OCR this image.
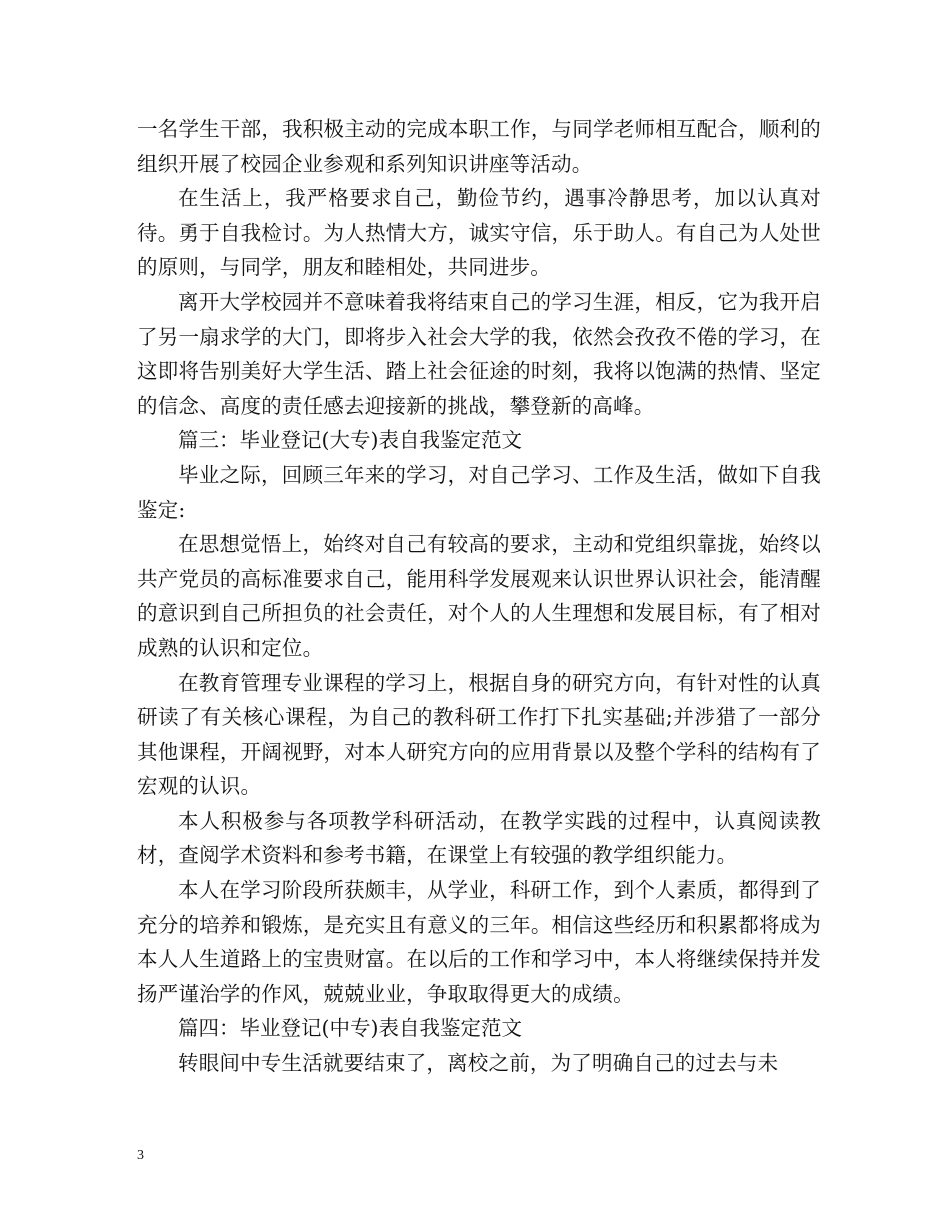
一名学生干部，我积极主动的完成本职工作，与同学老师相互配合，顺利的组织开展了校园企业参观和系列知识讲座等活动。

在生活上，我严格要求自己，勤俭节约，遇事冷静思考，加以认真对待。勇于自我检讨。为人热情大方，诚实守信，乐于助人。有自己为人处世的原则，与同学，朋友和睦相处，共同进步。

离开大学校园并不意味着我将结束自己的学习生涯，相反，它为我开启了另一扇求学的大门，即将步入社会大学的我，依然会孜孜不倦的学习，在这即将告别美好大学生活、踏上社会征途的时刻，我将以饱满的热情、坚定的信念、高度的责任感去迎接新的挑战，攀登新的高峰。

篇三：毕业登记(大专)表自我鉴定范文

毕业之际，回顾三年来的学习，对自己学习、工作及生活，做如下自我鉴定:

在思想觉悟上，始终对自己有较高的要求，主动和党组织靠拢，始终以共产党员的高标准要求自己，能用科学发展观来认识世界认识社会，能清醒的意识到自己所担负的社会责任，对个人的人生理想和发展目标，有了相对成熟的认识和定位。

在教育管理专业课程的学习上，根据自身的研究方向，有针对性的认真研读了有关核心课程，为自己的教科研工作打下扎实基础;并涉猎了一部分其他课程，开阔视野，对本人研究方向的应用背景以及整个学科的结构有了宏观的认识。

本人积极参与各项教学科研活动，在教学实践的过程中，认真阅读教材，查阅学术资料和参考书籍，在课堂上有较强的教学组织能力。

本人在学习阶段所获颇丰，从学业，科研工作，到个人素质，都得到了充分的培养和锻炼，是充实且有意义的三年。相信这些经历和积累都将成为本人人生道路上的宝贵财富。在以后的工作和学习中，本人将继续保持并发扬严谨治学的作风，兢兢业业，争取取得更大的成绩。

篇四：毕业登记(中专)表自我鉴定范文

转眼间中专生活就要结束了，离校之前，为了明确自己的过去与未

3
